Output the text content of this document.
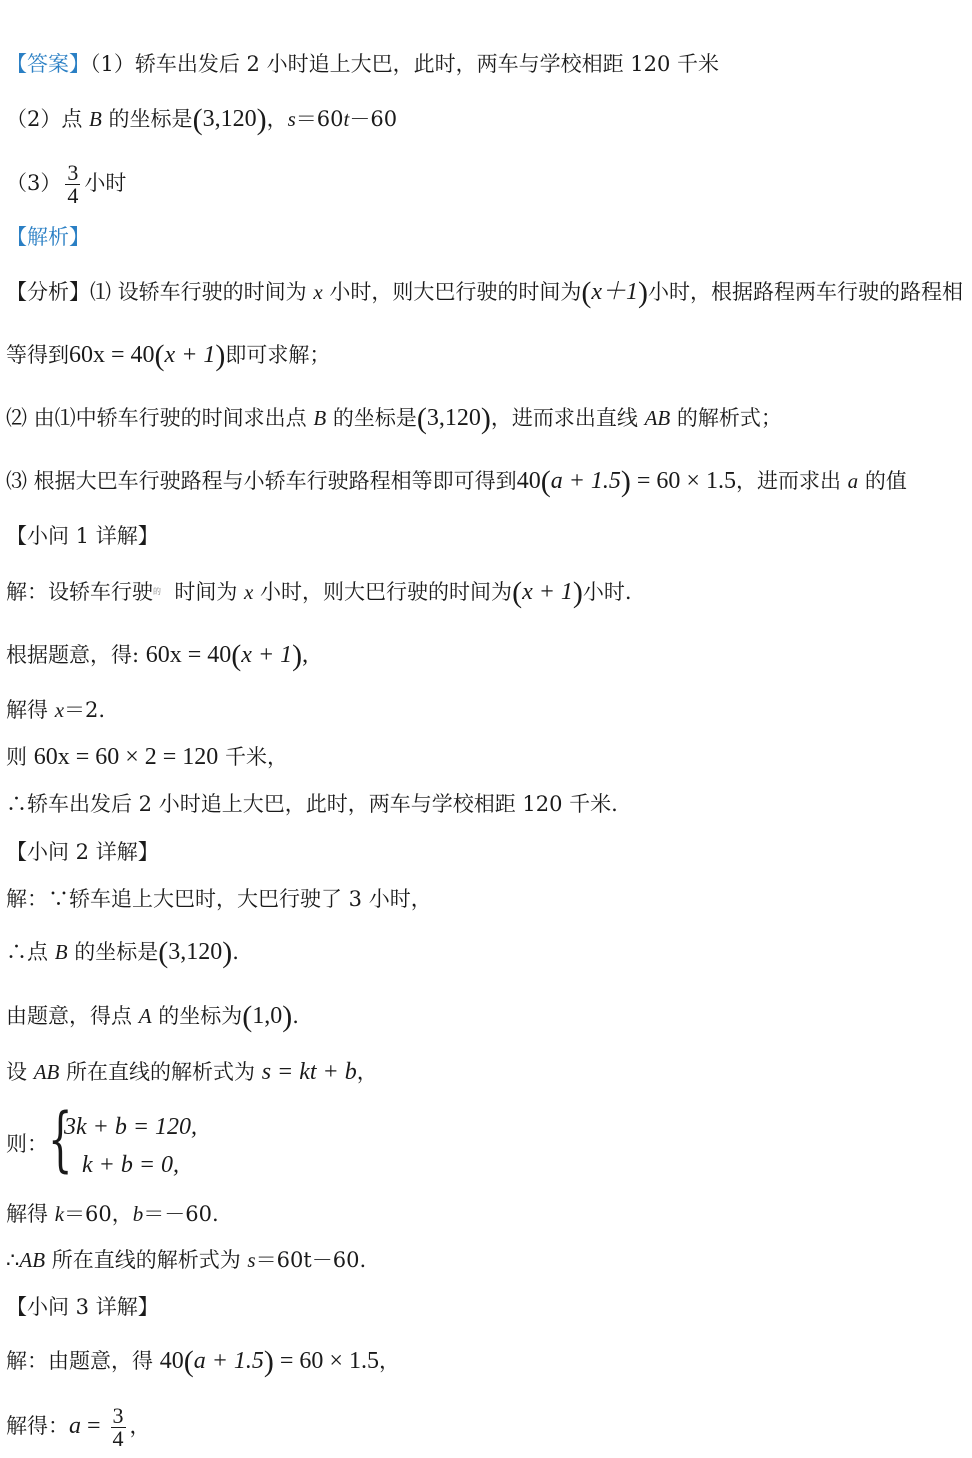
【答案】（1）轿车出发后 2 小时追上大巴，此时，两车与学校相距 120 千米
（2）点 B 的坐标是(3,120)，s＝60t－60
$(3) \frac{3}{4}$ 小时
【解析】
【分析】⑴ 设轿车行驶的时间为 x 小时，则大巴行驶的时间为(x＋1)小时，根据路程两车行驶的路程相
等得到60x = 40(x + 1)即可求解；
⑵ 由⑴中轿车行驶的时间求出点 B 的坐标是(3,120)，进而求出直线 AB 的解析式；
⑶ 根据大巴车行驶路程与小轿车行驶路程相等即可得到40(a + 1.5) = 60 × 1.5，进而求出 a 的值
【小问 1 详解】
解：设轿车行驶$^的$ 时间为 x 小时，则大巴行驶的时间为(x + 1)小时.
根据题意，得: 60x = 40(x + 1),
解得 x＝2.
则 60x = 60 × 2 = 120 千米，
∴轿车出发后 2 小时追上大巴，此时，两车与学校相距 120 千米.
【小问 2 详解】
解：∵轿车追上大巴时，大巴行驶了 3 小时，
∴点 B 的坐标是(3,120).
由题意，得点 A 的坐标为(1,0).
设 AB 所在直线的解析式为 s = kt + b，
则： {
3k + b = 120,
k + b = 0,
解得 k＝60，b＝－60.
∴AB 所在直线的解析式为 s＝60t－60.
【小问 3 详解】
解：由题意，得 40(a + 1.5) = 60 × 1.5，
解得：$a = \frac{3}{4}$ ，
